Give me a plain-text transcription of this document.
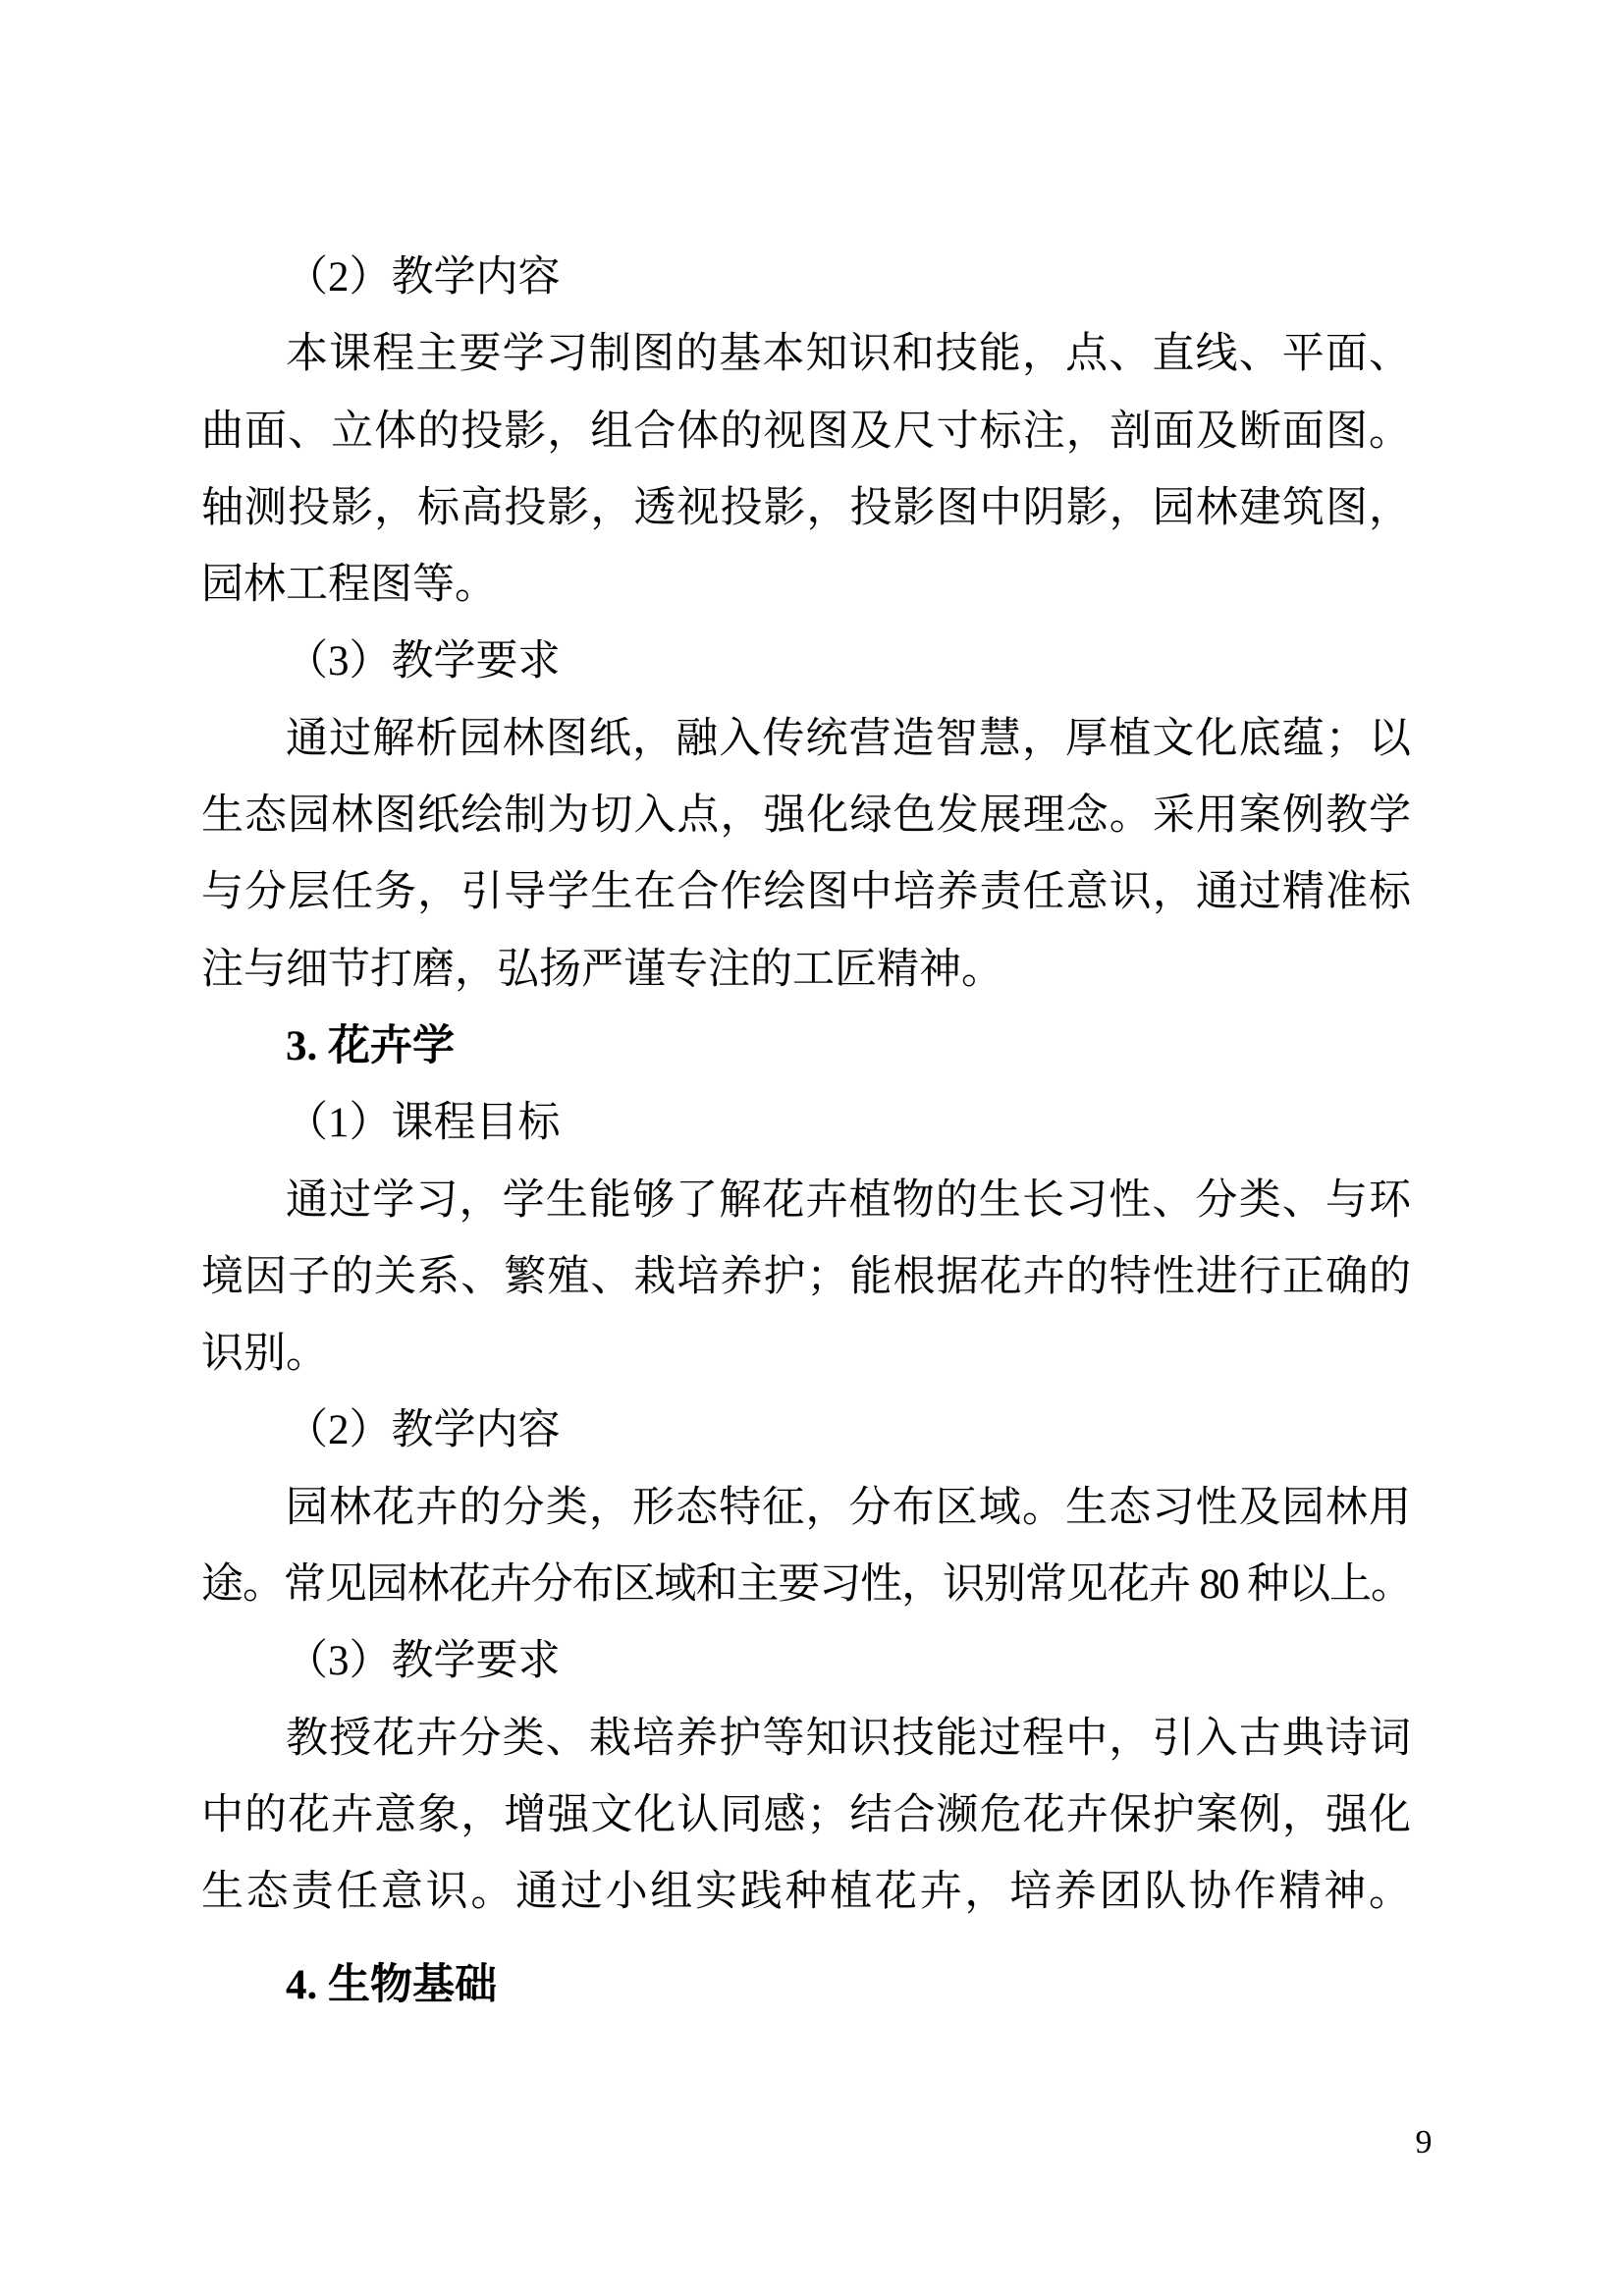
（2）教学内容
本课程主要学习制图的基本知识和技能，点、直线、平面、
曲面、立体的投影，组合体的视图及尺寸标注，剖面及断面图。
轴测投影，标高投影，透视投影，投影图中阴影，园林建筑图，
园林工程图等。
（3）教学要求
通过解析园林图纸，融入传统营造智慧，厚植文化底蕴；以
生态园林图纸绘制为切入点，强化绿色发展理念。采用案例教学
与分层任务，引导学生在合作绘图中培养责任意识，通过精准标
注与细节打磨，弘扬严谨专注的工匠精神。
3. 花卉学
（1）课程目标
通过学习，学生能够了解花卉植物的生长习性、分类、与环
境因子的关系、繁殖、栽培养护；能根据花卉的特性进行正确的
识别。
（2）教学内容
园林花卉的分类，形态特征，分布区域。生态习性及园林用
途。常见园林花卉分布区域和主要习性，识别常见花卉 80 种以上。
（3）教学要求
教授花卉分类、栽培养护等知识技能过程中，引入古典诗词
中的花卉意象，增强文化认同感；结合濒危花卉保护案例，强化
生态责任意识。通过小组实践种植花卉，培养团队协作精神。
4. 生物基础
9
